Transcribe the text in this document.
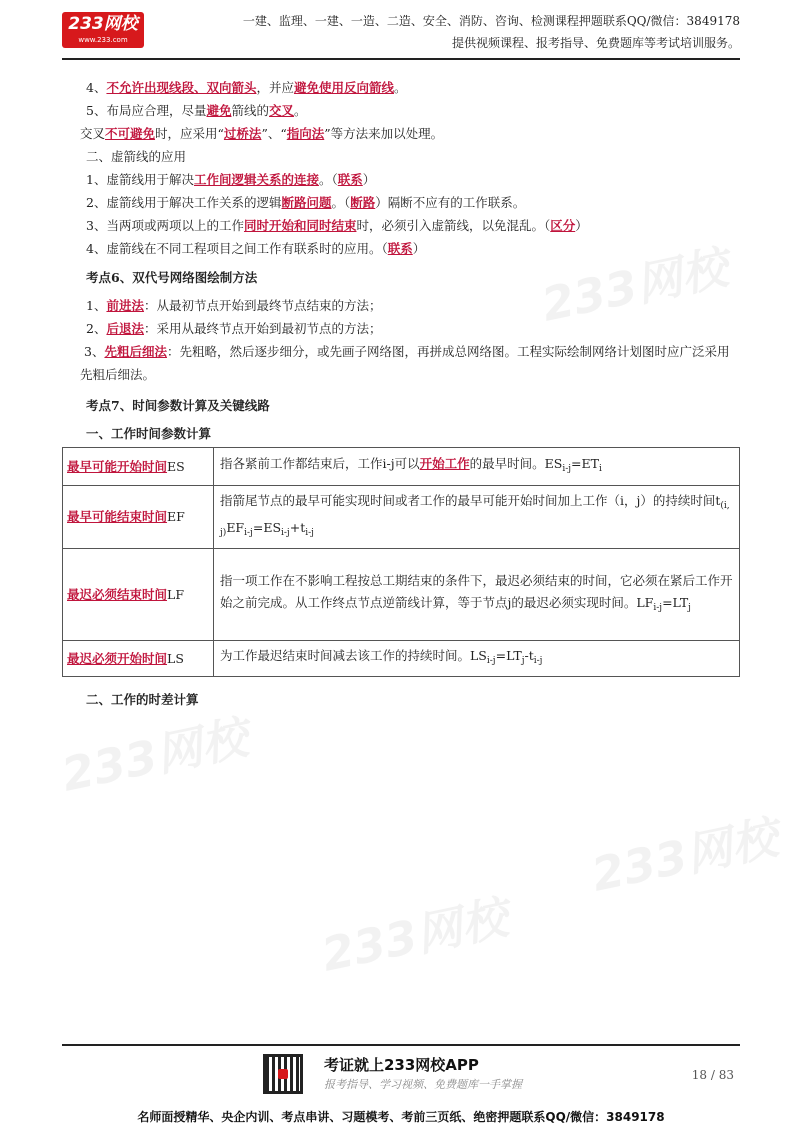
233网校
233网校
233网校
233网校
233网校
www.233.com
一建、监理、一建、一造、二造、安全、消防、咨询、检测课程押题联系QQ/微信：3849178
提供视频课程、报考指导、免费题库等考试培训服务。

4、不允许出现线段、双向箭头，并应避免使用反向箭线。

5、布局应合理，尽量避免箭线的交叉。

交叉不可避免时，应采用“过桥法”、“指向法”等方法来加以处理。

二、虚箭线的应用

1、虚箭线用于解决工作间逻辑关系的连接。（联系）

2、虚箭线用于解决工作关系的逻辑断路问题。（断路）隔断不应有的工作联系。

3、当两项或两项以上的工作同时开始和同时结束时，必须引入虚箭线，以免混乱。（区分）

4、虚箭线在不同工程项目之间工作有联系时的应用。（联系）

考点6、双代号网络图绘制方法

1、前进法：从最初节点开始到最终节点结束的方法；

2、后退法：采用从最终节点开始到最初节点的方法；

3、先粗后细法：先粗略，然后逐步细分，或先画子网络图，再拼成总网络图。工程实际绘制网络计划图时应广泛采用先粗后细法。

考点7、时间参数计算及关键线路

一、工作时间参数计算

最早可能开始时间ES	指各紧前工作都结束后，工作i-j可以开始工作的最早时间。$ES_{i-j}=ET_i$
最早可能结束时间EF	指箭尾节点的最早可能实现时间或者工作的最早可能开始时间加上工作（i，j）的持续时间$t_{(i, j)}EF_{i-j}=ES_{i-j}+t_{i-j}$
最迟必须结束时间LF	指一项工作在不影响工程按总工期结束的条件下，最迟必须结束的时间，它必须在紧后工作开始之前完成。从工作终点节点逆箭线计算，等于节点j的最迟必须实现时间。$LF_{i-j}=LT_j$
最迟必须开始时间LS	为工作最迟结束时间减去该工作的持续时间。$LS_{i-j}=LT_j-t_{i-j}$
二、工作的时差计算
考证就上233网校APP
报考指导、学习视频、免费题库一手掌握
18 / 83
名师面授精华、央企内训、考点串讲、习题模考、考前三页纸、绝密押题联系QQ/微信：3849178
